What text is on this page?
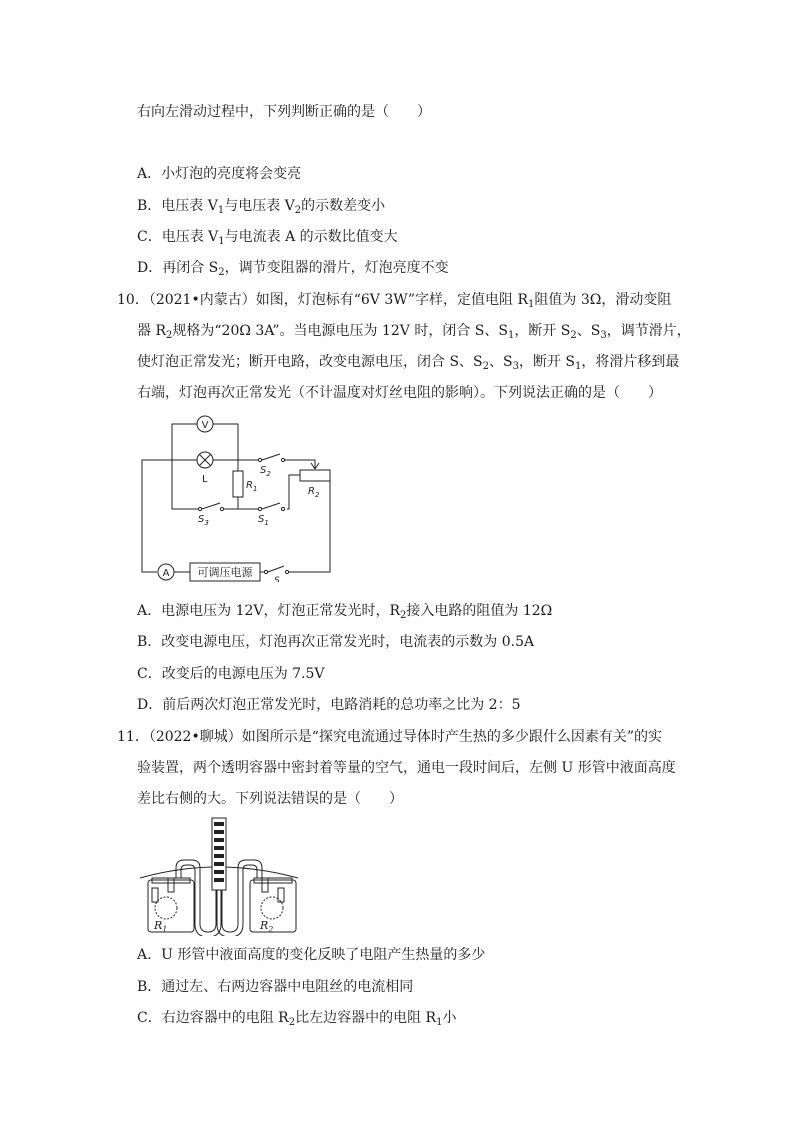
右向左滑动过程中，下列判断正确的是（　　）
A．小灯泡的亮度将会变亮
B．电压表 $V_1$与电压表 $V_2$的示数差变小
C．电压表 $V_1$与电流表 A 的示数比值变大
D．再闭合 $S_2$，调节变阻器的滑片，灯泡亮度不变
10．（2021•内蒙古）如图，灯泡标有“6V 3W”字样，定值电阻 $R_1$阻值为 3Ω，滑动变阻
器 $R_2$规格为“20Ω 3A”。当电源电压为 12V 时，闭合 S、$S_1$，断开 $S_2$、$S_3$，调节滑片，
使灯泡正常发光；断开电路，改变电源电压，闭合 S、$S_2$、$S_3$，断开 $S_1$，将滑片移到最
右端，灯泡再次正常发光（不计温度对灯丝电阻的影响）。下列说法正确的是（　　）
V
L
$S_3$
$R_1$
$S_2$
$R_2$
$S_1$
A	可调压电源
S
A．电源电压为 12V，灯泡正常发光时，$R_2$接入电路的阻值为 12Ω
B．改变电源电压，灯泡再次正常发光时，电流表的示数为 0.5A
C．改变后的电源电压为 7.5V
D．前后两次灯泡正常发光时，电路消耗的总功率之比为 2：5
11．（2022•聊城）如图所示是“探究电流通过导体时产生热的多少跟什么因素有关”的实
验装置，两个透明容器中密封着等量的空气，通电一段时间后，左侧 U 形管中液面高度
差比右侧的大。下列说法错误的是（　　）
$R_1$	$R_2$
A．U 形管中液面高度的变化反映了电阻产生热量的多少
B．通过左、右两边容器中电阻丝的电流相同
C．右边容器中的电阻 $R_2$比左边容器中的电阻 $R_1$小
